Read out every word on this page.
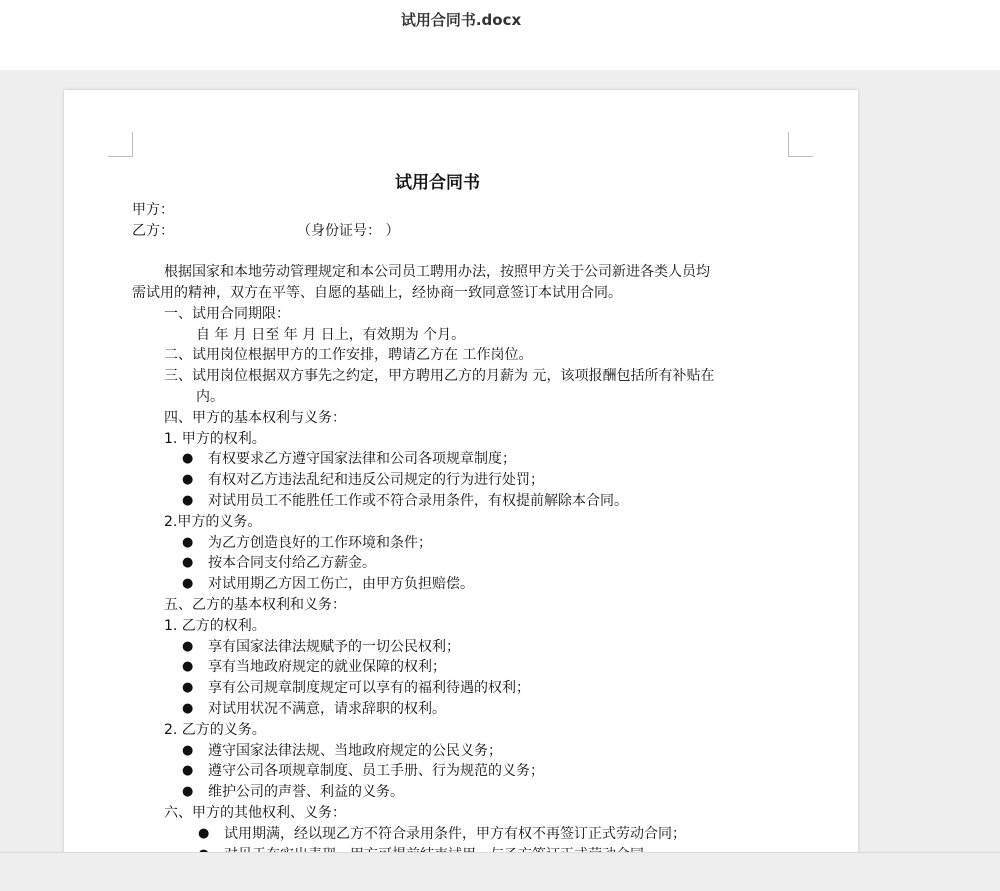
试用合同书.docx
试用合同书
甲方：
乙方：	（身份证号： ）
根据国家和本地劳动管理规定和本公司员工聘用办法，按照甲方关于公司新进各类人员均
需试用的精神，双方在平等、自愿的基础上，经协商一致同意签订本试用合同。
一、试用合同期限：
自 年 月 日至 年 月 日上，有效期为 个月。
二、试用岗位根据甲方的工作安排，聘请乙方在 工作岗位。
三、试用岗位根据双方事先之约定，甲方聘用乙方的月薪为 元，该项报酬包括所有补贴在
内。
四、甲方的基本权利与义务：
1. 甲方的权利。
● 有权要求乙方遵守国家法律和公司各项规章制度；
● 有权对乙方违法乱纪和违反公司规定的行为进行处罚；
● 对试用员工不能胜任工作或不符合录用条件，有权提前解除本合同。
2.甲方的义务。
● 为乙方创造良好的工作环境和条件；
● 按本合同支付给乙方薪金。
● 对试用期乙方因工伤亡，由甲方负担赔偿。
五、乙方的基本权利和义务：
1. 乙方的权利。
● 享有国家法律法规赋予的一切公民权利；
● 享有当地政府规定的就业保障的权利；
● 享有公司规章制度规定可以享有的福利待遇的权利；
● 对试用状况不满意，请求辞职的权利。
2. 乙方的义务。
● 遵守国家法律法规、当地政府规定的公民义务；
● 遵守公司各项规章制度、员工手册、行为规范的义务；
● 维护公司的声誉、利益的义务。
六、甲方的其他权利、义务：
● 试用期满，经以现乙方不符合录用条件，甲方有权不再签订正式劳动合同；
